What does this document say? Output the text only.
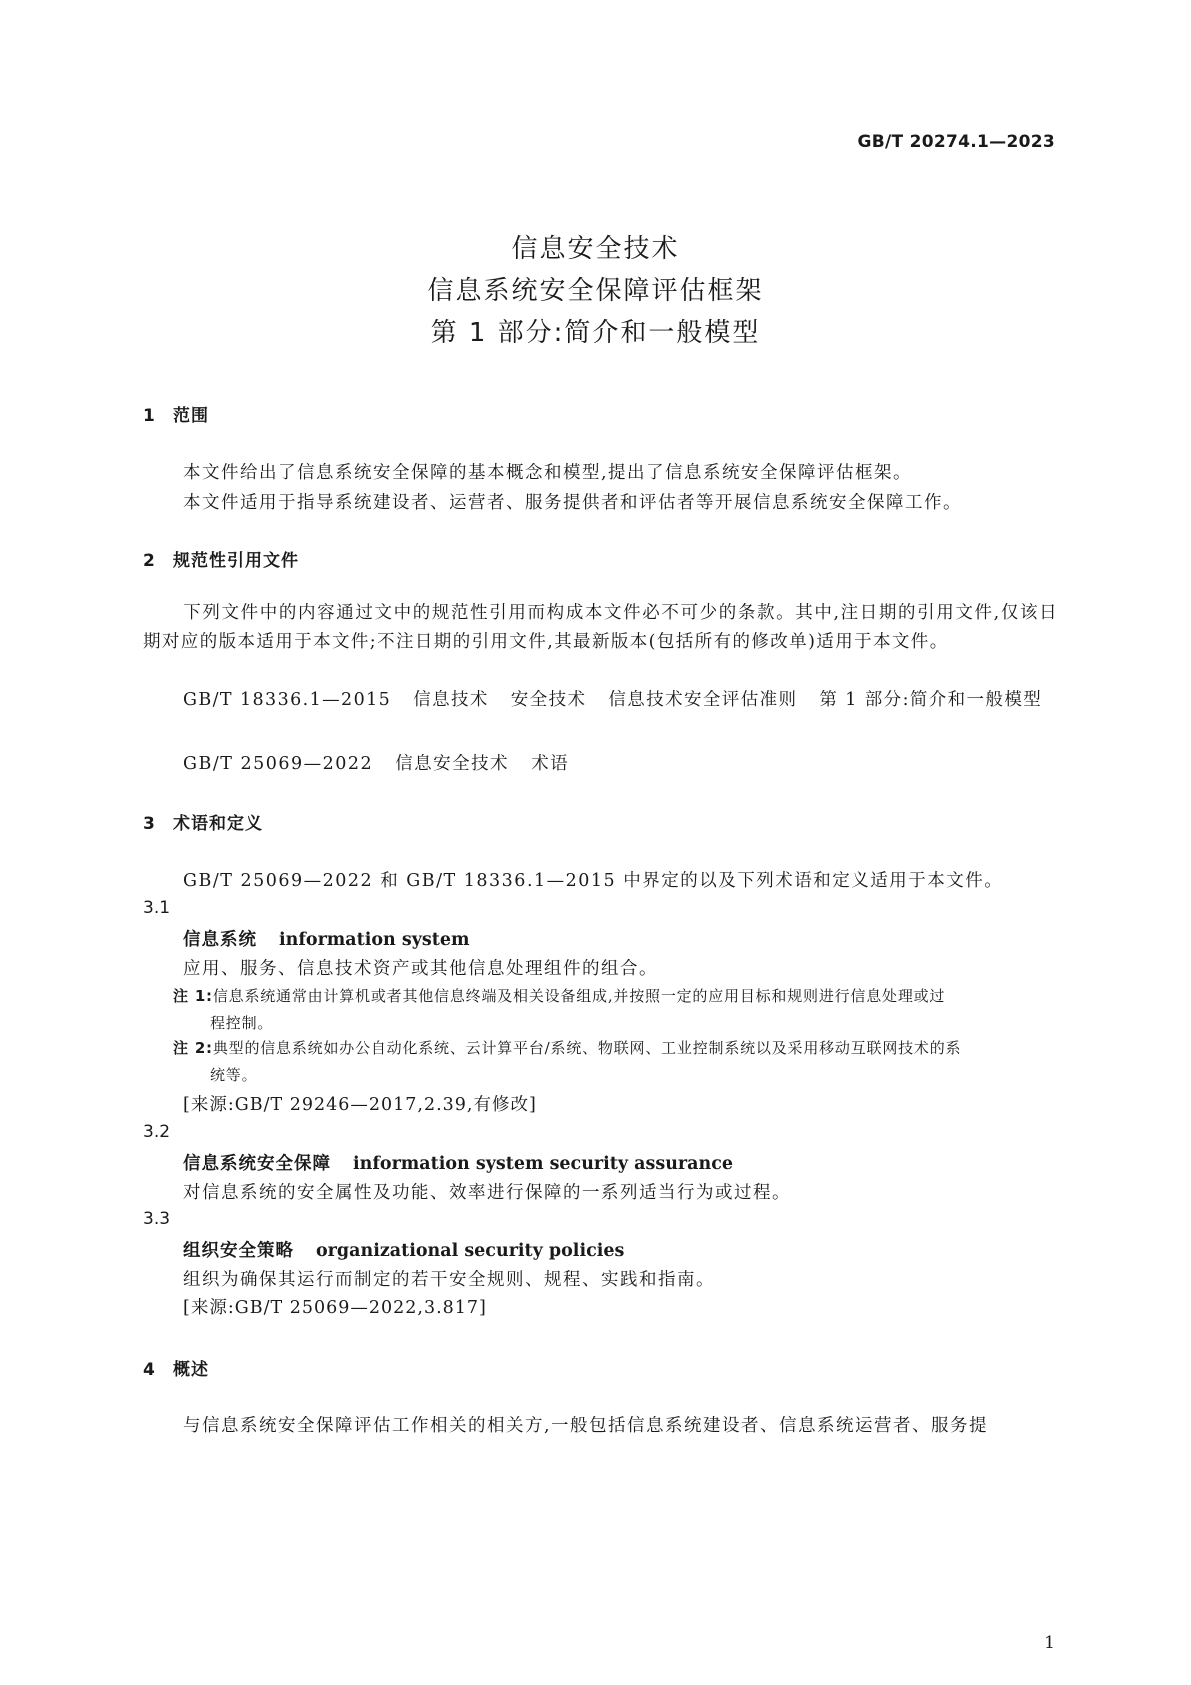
GB/T 20274.1—2023
信息安全技术
信息系统安全保障评估框架
第 1 部分:简介和一般模型
1 范围
本文件给出了信息系统安全保障的基本概念和模型,提出了信息系统安全保障评估框架。
本文件适用于指导系统建设者、运营者、服务提供者和评估者等开展信息系统安全保障工作。
2 规范性引用文件
下列文件中的内容通过文中的规范性引用而构成本文件必不可少的条款。其中,注日期的引用文件,仅该日期对应的版本适用于本文件;不注日期的引用文件,其最新版本(包括所有的修改单)适用于本文件。
GB/T 18336.1—2015 信息技术 安全技术 信息技术安全评估准则 第 1 部分:简介和一般模型
GB/T 25069—2022 信息安全技术 术语
3 术语和定义
GB/T 25069—2022 和 GB/T 18336.1—2015 中界定的以及下列术语和定义适用于本文件。
3.1
信息系统 information system
应用、服务、信息技术资产或其他信息处理组件的组合。
注 1:信息系统通常由计算机或者其他信息终端及相关设备组成,并按照一定的应用目标和规则进行信息处理或过
程控制。
注 2:典型的信息系统如办公自动化系统、云计算平台/系统、物联网、工业控制系统以及采用移动互联网技术的系
统等。
[来源:GB/T 29246—2017,2.39,有修改]
3.2
信息系统安全保障 information system security assurance
对信息系统的安全属性及功能、效率进行保障的一系列适当行为或过程。
3.3
组织安全策略 organizational security policies
组织为确保其运行而制定的若干安全规则、规程、实践和指南。
[来源:GB/T 25069—2022,3.817]
4 概述
与信息系统安全保障评估工作相关的相关方,一般包括信息系统建设者、信息系统运营者、服务提
1
